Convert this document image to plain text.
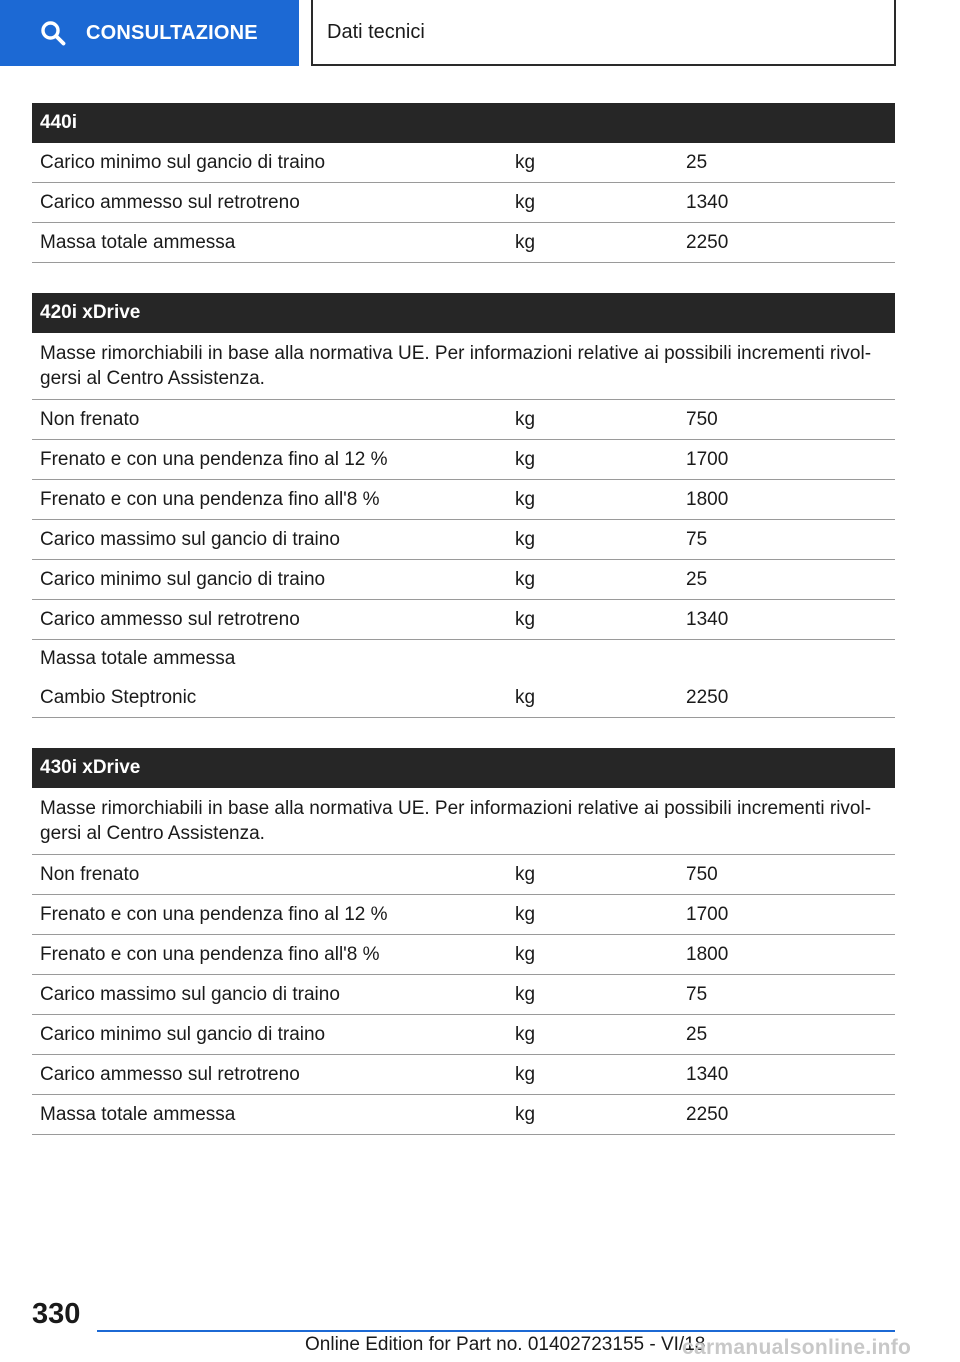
CONSULTAZIONE	Dati tecnici
440i
Carico minimo sul gancio di traino	kg	25
Carico ammesso sul retrotreno	kg	1340
Massa totale ammessa	kg	2250
420i xDrive
Masse rimorchiabili in base alla normativa UE. Per informazioni relative ai possibili incrementi rivol-gersi al Centro Assistenza.
Non frenato	kg	750
Frenato e con una pendenza fino al 12 %	kg	1700
Frenato e con una pendenza fino all'8 %	kg	1800
Carico massimo sul gancio di traino	kg	75
Carico minimo sul gancio di traino	kg	25
Carico ammesso sul retrotreno	kg	1340
Massa totale ammessa
Cambio Steptronic	kg	2250
430i xDrive
Masse rimorchiabili in base alla normativa UE. Per informazioni relative ai possibili incrementi rivol-gersi al Centro Assistenza.
Non frenato	kg	750
Frenato e con una pendenza fino al 12 %	kg	1700
Frenato e con una pendenza fino all'8 %	kg	1800
Carico massimo sul gancio di traino	kg	75
Carico minimo sul gancio di traino	kg	25
Carico ammesso sul retrotreno	kg	1340
Massa totale ammessa	kg	2250
330
Online Edition for Part no. 01402723155 - VI/18
carmanualsonline.info
